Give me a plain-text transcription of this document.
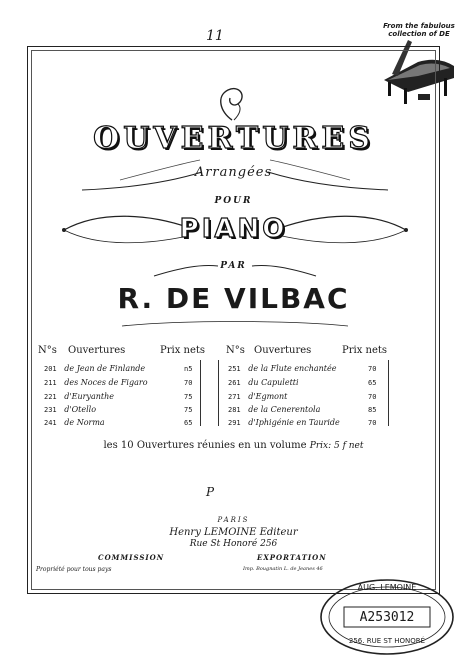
11
From the fabulous collection of DE
OUVERTURES
Arrangées
POUR
PIANO
PAR
R. DE VILBAC
N°s Ouvertures	Prix nets N°s Ouvertures	Prix nets
201 de Jean de Finlande	n5
211 des Noces de Figaro	70
221 d'Euryanthe	75
231 d'Otello	75
241 de Norma	65
251 de la Flute enchantée	70
261 du Capuletti	65
271 d'Egmont	70
281 de la Cenerentola	85
291 d'Iphigénie en Tauride	70
les 10 Ouvertures réunies en un volume Prix: 5 f net
P
PARIS
Henry LEMOINE Editeur
Rue St Honoré 256
COMMISSION	EXPORTATION
Propriété pour tous pays	Imp. Bougnatin L. de Jeanes 46
AUG. LEMOINE
A253012
256. RUE ST HONORÉ
